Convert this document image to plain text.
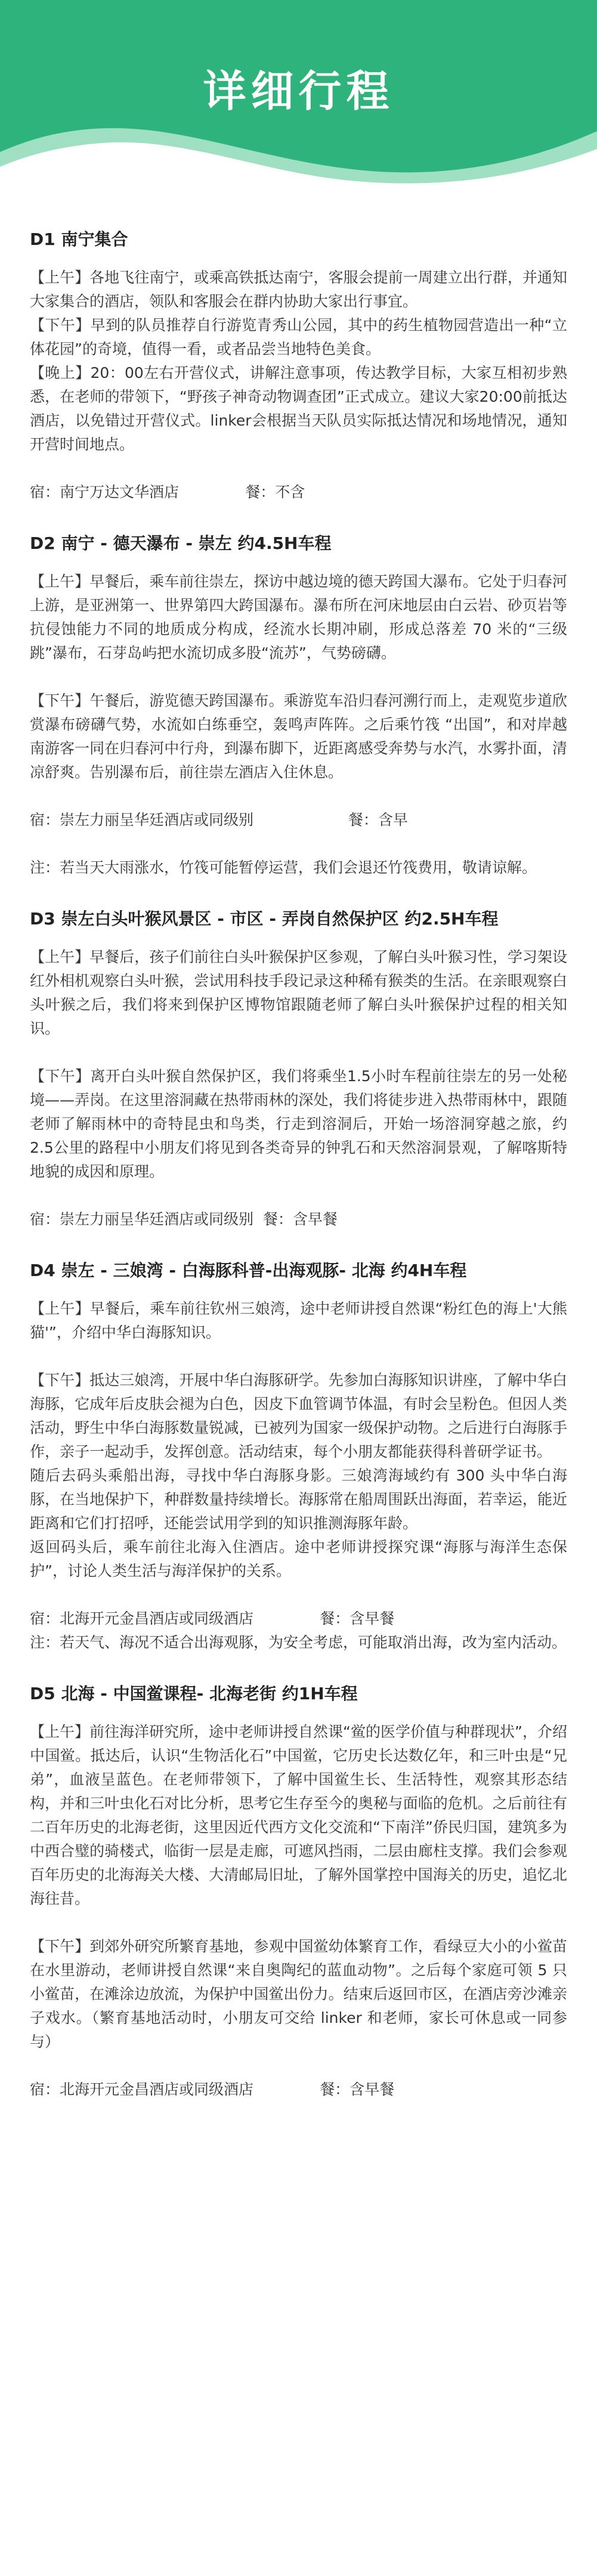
详细行程
D1 南宁集合

【上午】各地飞往南宁，或乘高铁抵达南宁，客服会提前一周建立出行群，并通知大家集合的酒店，领队和客服会在群内协助大家出行事宜。

【下午】早到的队员推荐自行游览青秀山公园，其中的药生植物园营造出一种“立体花园”的奇境，值得一看，或者品尝当地特色美食。

【晚上】20：00左右开营仪式，讲解注意事项，传达教学目标，大家互相初步熟悉，在老师的带领下，“野孩子神奇动物调查团”正式成立。建议大家20:00前抵达酒店，以免错过开营仪式。linker会根据当天队员实际抵达情况和场地情况，通知开营时间地点。

宿：南宁万达文华酒店              餐：不含

D2 南宁 - 德天瀑布 - 崇左 约4.5H车程

【上午】早餐后，乘车前往崇左，探访中越边境的德天跨国大瀑布。它处于归春河上游，是亚洲第一、世界第四大跨国瀑布。瀑布所在河床地层由白云岩、砂页岩等抗侵蚀能力不同的地质成分构成，经流水长期冲刷，形成总落差 70 米的“三级跳”瀑布，石芽岛屿把水流切成多股“流苏”，气势磅礴。

【下午】午餐后，游览德天跨国瀑布。乘游览车沿归春河溯行而上，走观览步道欣赏瀑布磅礴气势，水流如白练垂空，轰鸣声阵阵。之后乘竹筏 “出国”，和对岸越南游客一同在归春河中行舟，到瀑布脚下，近距离感受奔势与水汽，水雾扑面，清凉舒爽。告别瀑布后，前往崇左酒店入住休息。

宿：崇左力丽呈华廷酒店或同级别                    餐：含早

注：若当天大雨涨水，竹筏可能暂停运营，我们会退还竹筏费用，敬请谅解。

D3 崇左白头叶猴风景区 - 市区 - 弄岗自然保护区 约2.5H车程

【上午】早餐后，孩子们前往白头叶猴保护区参观，了解白头叶猴习性，学习架设红外相机观察白头叶猴，尝试用科技手段记录这种稀有猴类的生活。在亲眼观察白头叶猴之后，我们将来到保护区博物馆跟随老师了解白头叶猴保护过程的相关知识。

【下午】离开白头叶猴自然保护区，我们将乘坐1.5小时车程前往崇左的另一处秘境——弄岗。在这里溶洞藏在热带雨林的深处，我们将徒步进入热带雨林中，跟随老师了解雨林中的奇特昆虫和鸟类，行走到溶洞后，开始一场溶洞穿越之旅，约2.5公里的路程中小朋友们将见到各类奇异的钟乳石和天然溶洞景观，了解喀斯特地貌的成因和原理。

宿：崇左力丽呈华廷酒店或同级别  餐：含早餐

D4 崇左 - 三娘湾 - 白海豚科普-出海观豚- 北海 约4H车程

【上午】早餐后，乘车前往钦州三娘湾，途中老师讲授自然课“粉红色的海上'大熊猫'”，介绍中华白海豚知识。

【下午】抵达三娘湾，开展中华白海豚研学。先参加白海豚知识讲座，了解中华白海豚，它成年后皮肤会褪为白色，因皮下血管调节体温，有时会呈粉色。但因人类活动，野生中华白海豚数量锐减，已被列为国家一级保护动物。之后进行白海豚手作，亲子一起动手，发挥创意。活动结束，每个小朋友都能获得科普研学证书。

随后去码头乘船出海，寻找中华白海豚身影。三娘湾海域约有 300 头中华白海豚，在当地保护下，种群数量持续增长。海豚常在船周围跃出海面，若幸运，能近距离和它们打招呼，还能尝试用学到的知识推测海豚年龄。

返回码头后，乘车前往北海入住酒店。途中老师讲授探究课“海豚与海洋生态保护”，讨论人类生活与海洋保护的关系。

宿：北海开元金昌酒店或同级酒店              餐：含早餐

注：若天气、海况不适合出海观豚，为安全考虑，可能取消出海，改为室内活动。

D5 北海 - 中国鲎课程- 北海老街 约1H车程

【上午】前往海洋研究所，途中老师讲授自然课“鲎的医学价值与种群现状”，介绍中国鲎。抵达后，认识“生物活化石”中国鲎，它历史长达数亿年，和三叶虫是“兄弟”，血液呈蓝色。在老师带领下，了解中国鲎生长、生活特性，观察其形态结构，并和三叶虫化石对比分析，思考它生存至今的奥秘与面临的危机。之后前往有二百年历史的北海老街，这里因近代西方文化交流和“下南洋”侨民归国，建筑多为中西合璧的骑楼式，临街一层是走廊，可遮风挡雨，二层由廊柱支撑。我们会参观百年历史的北海海关大楼、大清邮局旧址，了解外国掌控中国海关的历史，追忆北海往昔。

【下午】到郊外研究所繁育基地，参观中国鲎幼体繁育工作，看绿豆大小的小鲎苗在水里游动，老师讲授自然课“来自奥陶纪的蓝血动物”。之后每个家庭可领 5 只小鲎苗，在滩涂边放流，为保护中国鲎出份力。结束后返回市区，在酒店旁沙滩亲子戏水。（繁育基地活动时，小朋友可交给 linker 和老师，家长可休息或一同参与）

宿：北海开元金昌酒店或同级酒店              餐：含早餐
